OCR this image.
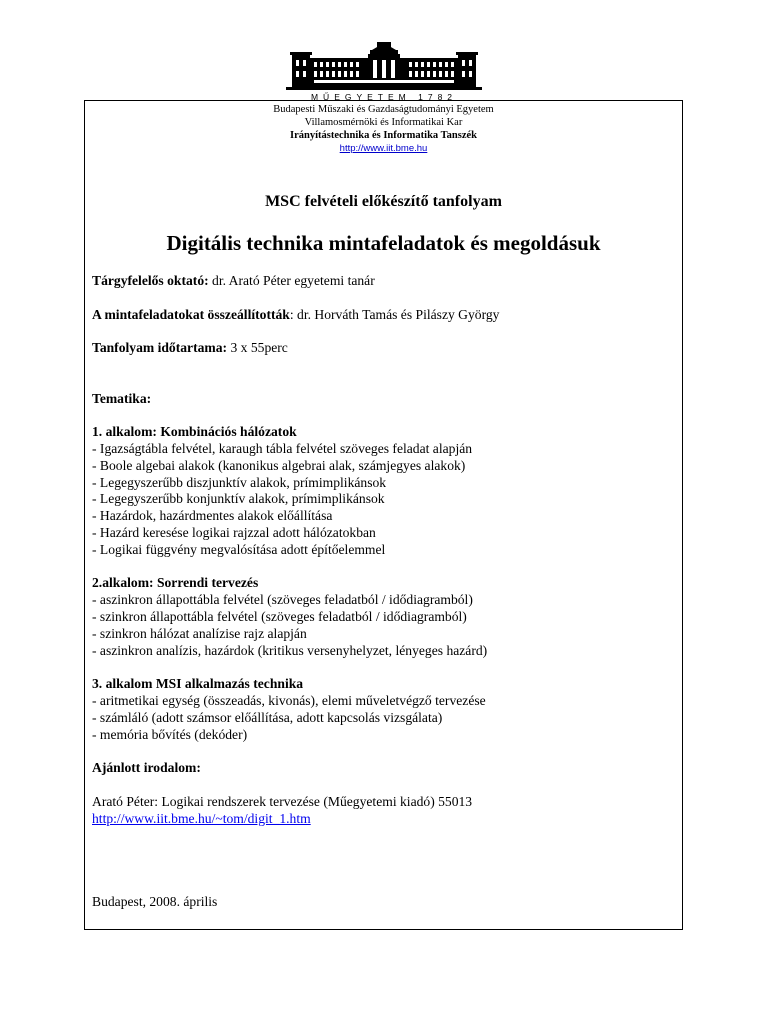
MŰEGYETEM 1782
Budapesti Műszaki és Gazdaságtudományi Egyetem
Villamosmérnöki és Informatikai Kar
Irányítástechnika és Informatika Tanszék
http://www.iit.bme.hu
MSC felvételi előkészítő tanfolyam
Digitális technika mintafeladatok és megoldásuk

Tárgyfelelős oktató: dr. Arató Péter egyetemi tanár

A mintafeladatokat összeállították: dr. Horváth Tamás és Pilászy György

Tanfolyam időtartama: 3 x 55perc

Tematika:

1. alkalom: Kombinációs hálózatok

- Igazságtábla felvétel, karaugh tábla felvétel szöveges feladat alapján

- Boole algebai alakok (kanonikus algebrai alak, számjegyes alakok)

- Legegyszerűbb diszjunktív alakok, prímimplikánsok

- Legegyszerűbb konjunktív alakok, prímimplikánsok

- Hazárdok, hazárdmentes alakok előállítása

- Hazárd keresése logikai rajzzal adott hálózatokban

- Logikai függvény megvalósítása adott építőelemmel

2.alkalom: Sorrendi tervezés

- aszinkron állapottábla felvétel (szöveges feladatból / idődiagramból)

- szinkron állapottábla felvétel (szöveges feladatból / idődiagramból)

- szinkron hálózat analízise rajz alapján

- aszinkron analízis, hazárdok (kritikus versenyhelyzet, lényeges hazárd)

3. alkalom MSI alkalmazás technika

- aritmetikai egység (összeadás, kivonás), elemi műveletvégző tervezése

- számláló (adott számsor előállítása, adott kapcsolás vizsgálata)

- memória bővítés (dekóder)

Ajánlott irodalom:

Arató Péter: Logikai rendszerek tervezése (Műegyetemi kiadó) 55013

http://www.iit.bme.hu/~tom/digit_1.htm

Budapest, 2008. április
